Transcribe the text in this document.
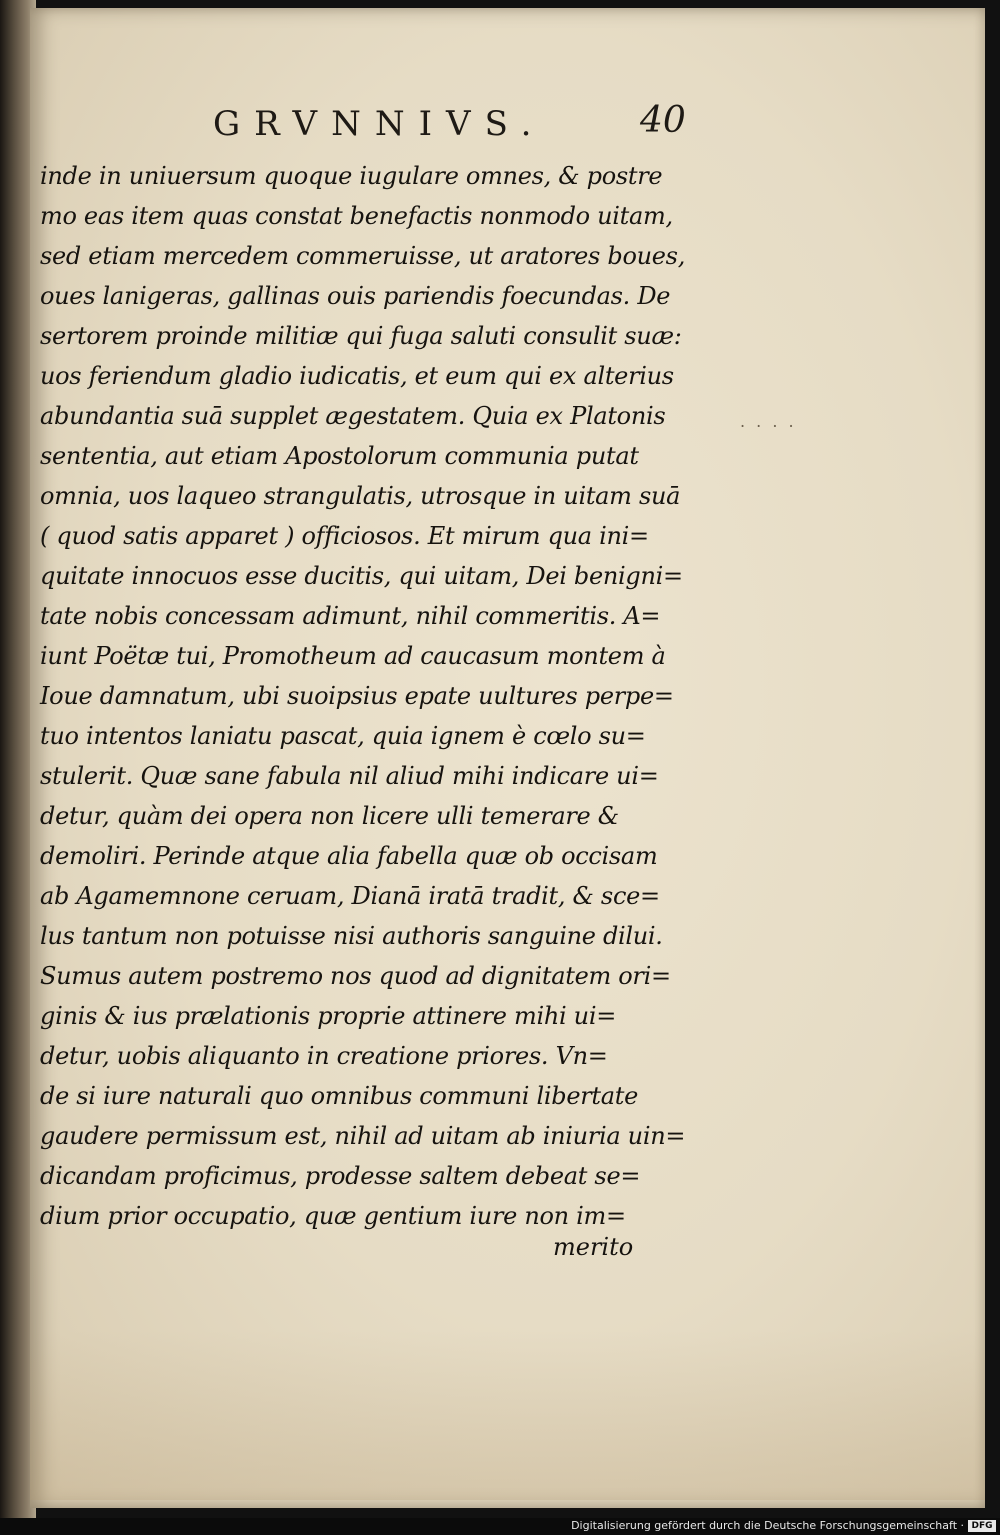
GRVNNIVS.	40
. . . .
inde in uniuersum quoque iugulare omnes, & postre
mo eas item quas constat benefactis nonmodo uitam,
sed etiam mercedem commeruisse, ut aratores boues,
oues lanigeras, gallinas ouis pariendis foecundas. De
sertorem proinde militiæ qui fuga saluti consulit suæ:
uos feriendum gladio iudicatis, et eum qui ex alterius
abundantia suā supplet ægestatem. Quia ex Platonis
sententia, aut etiam Apostolorum communia putat
omnia, uos laqueo strangulatis, utrosque in uitam suā
( quod satis apparet ) officiosos. Et mirum qua ini=
quitate innocuos esse ducitis, qui uitam, Dei benigni=
tate nobis concessam adimunt, nihil commeritis. A=
iunt Poëtæ tui, Promotheum ad caucasum montem à
Ioue damnatum, ubi suoipsius epate uultures perpe=
tuo intentos laniatu pascat, quia ignem è cœlo su=
stulerit. Quæ sane fabula nil aliud mihi indicare ui=
detur, quàm dei opera non licere ulli temerare &
demoliri. Perinde atque alia fabella quæ ob occisam
ab Agamemnone ceruam, Dianā iratā tradit, & sce=
lus tantum non potuisse nisi authoris sanguine dilui.
Sumus autem postremo nos quod ad dignitatem ori=
ginis & ius prælationis proprie attinere mihi ui=
detur, uobis aliquanto in creatione priores. Vn=
de si iure naturali quo omnibus communi libertate
gaudere permissum est, nihil ad uitam ab iniuria uin=
dicandam proficimus, prodesse saltem debeat se=
dium prior occupatio, quæ gentium iure non im=
merito
Digitalisierung gefördert durch die Deutsche Forschungsgemeinschaft · DFG
